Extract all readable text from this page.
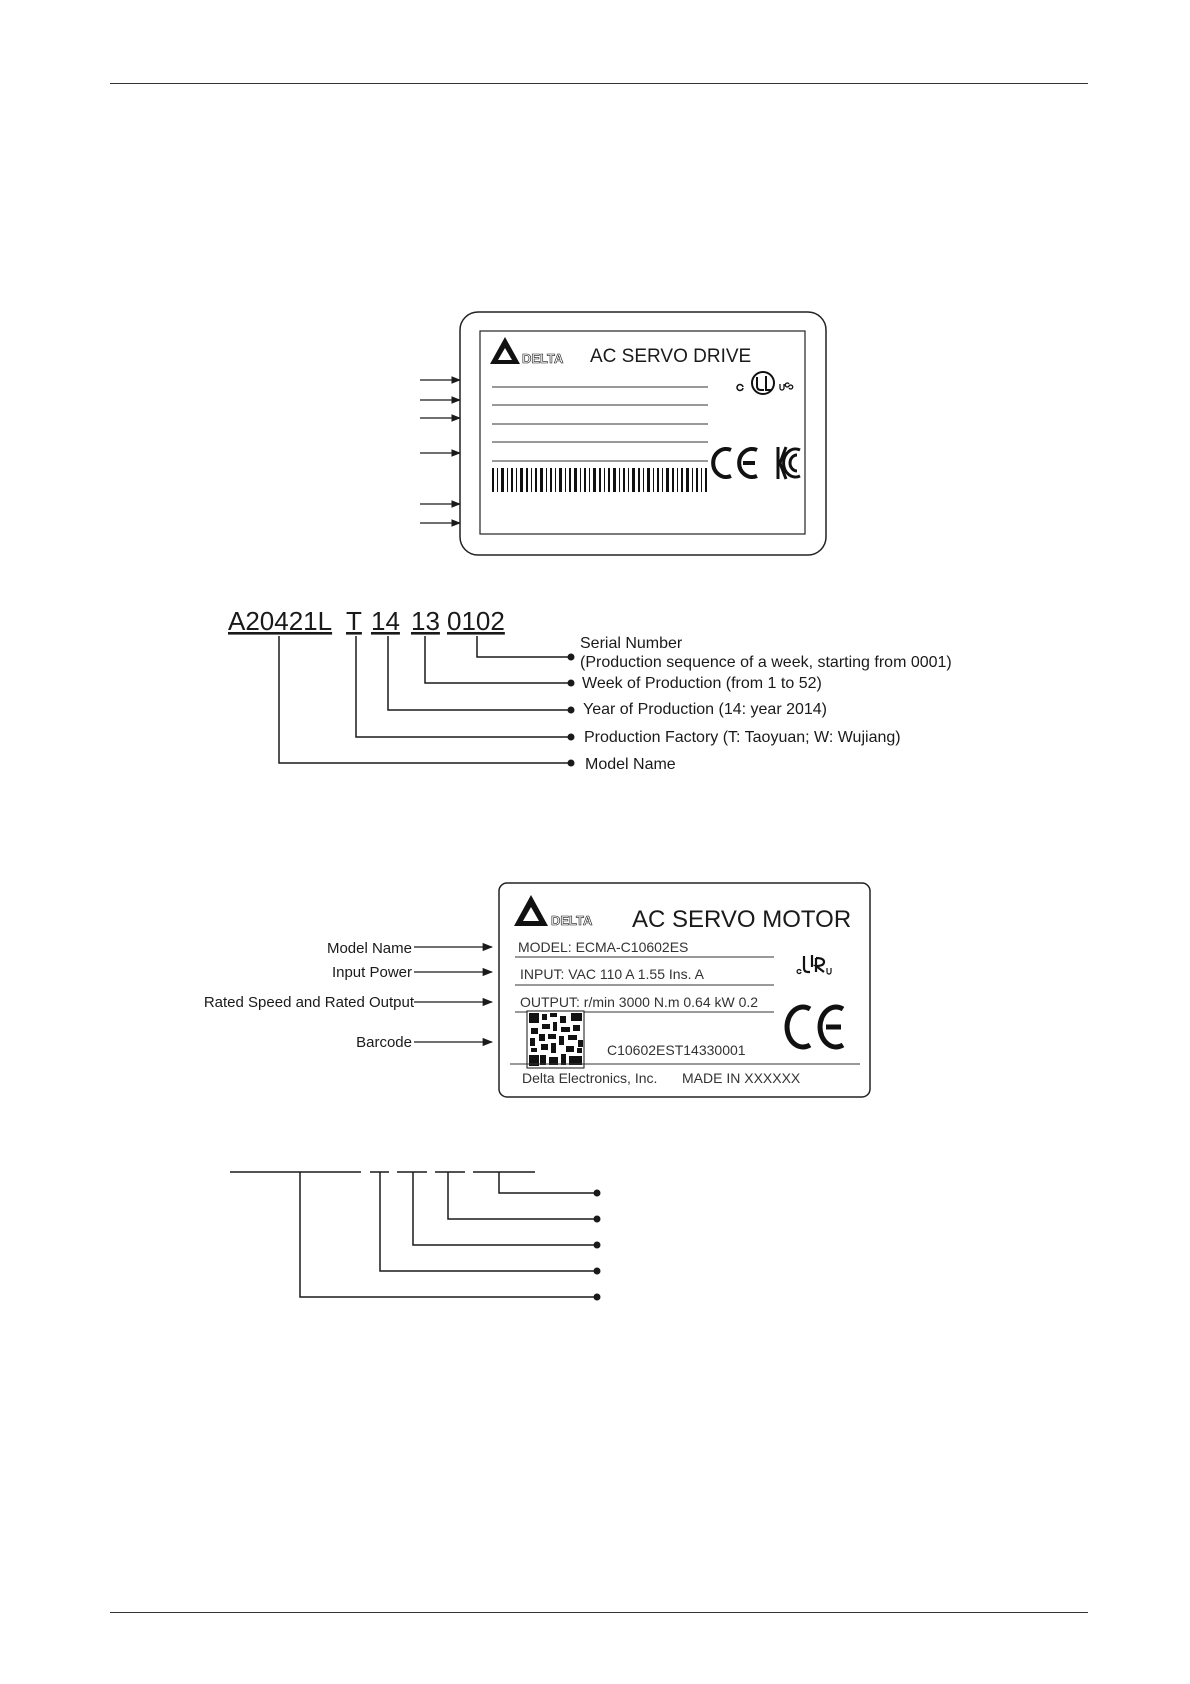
DELTA AC SERVO DRIVE
A20421L T 14 13 0102
Serial Number
(Production sequence of a week, starting from 0001)
Week of Production (from 1 to 52)
Year of Production (14: year 2014)
Production Factory (T: Taoyuan; W: Wujiang)
Model Name
DELTA AC SERVO MOTOR
MODEL: ECMA-C10602ES
INPUT: VAC 110 A 1.55 Ins. A
OUTPUT: r/min 3000 N.m 0.64 kW 0.2
C10602EST14330001
Delta Electronics, Inc. MADE IN XXXXXX
Model Name
Input Power
Rated Speed and Rated Output
Barcode
